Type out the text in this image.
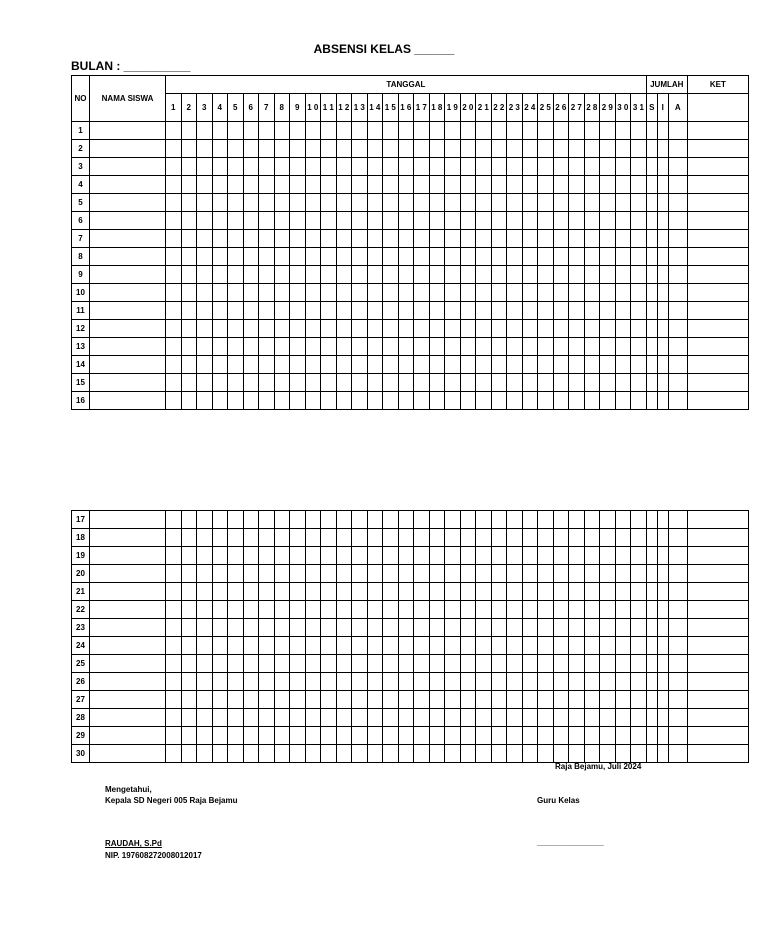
ABSENSI KELAS ______
BULAN : __________
NO	NAMA SISWA	TANGGAL																															JUMLAH			KET
		1	2	3	4	5	6	7	8	9	1 0	1 1	1 2	1 3	1 4	1 5	1 6	1 7	1 8	1 9	2 0	2 1	2 2	2 3	2 4	2 5	2 6	2 7	2 8	2 9	3 0	3 1	S	I	A	
1																																				
2																																				
3																																				
4																																				
5																																				
6																																				
7																																				
8																																				
9																																				
10																																				
11																																				
12																																				
13																																				
14																																				
15																																				
16																																				
17																																				
18																																				
19																																				
20																																				
21																																				
22																																				
23																																				
24																																				
25																																				
26																																				
27																																				
28																																				
29																																				
30																																				
Raja Bejamu, Juli 2024
Mengetahui,
Kepala SD Negeri 005 Raja Bejamu	Guru Kelas
RAUDAH, S.Pd
NIP. 197608272008012017
_______________
